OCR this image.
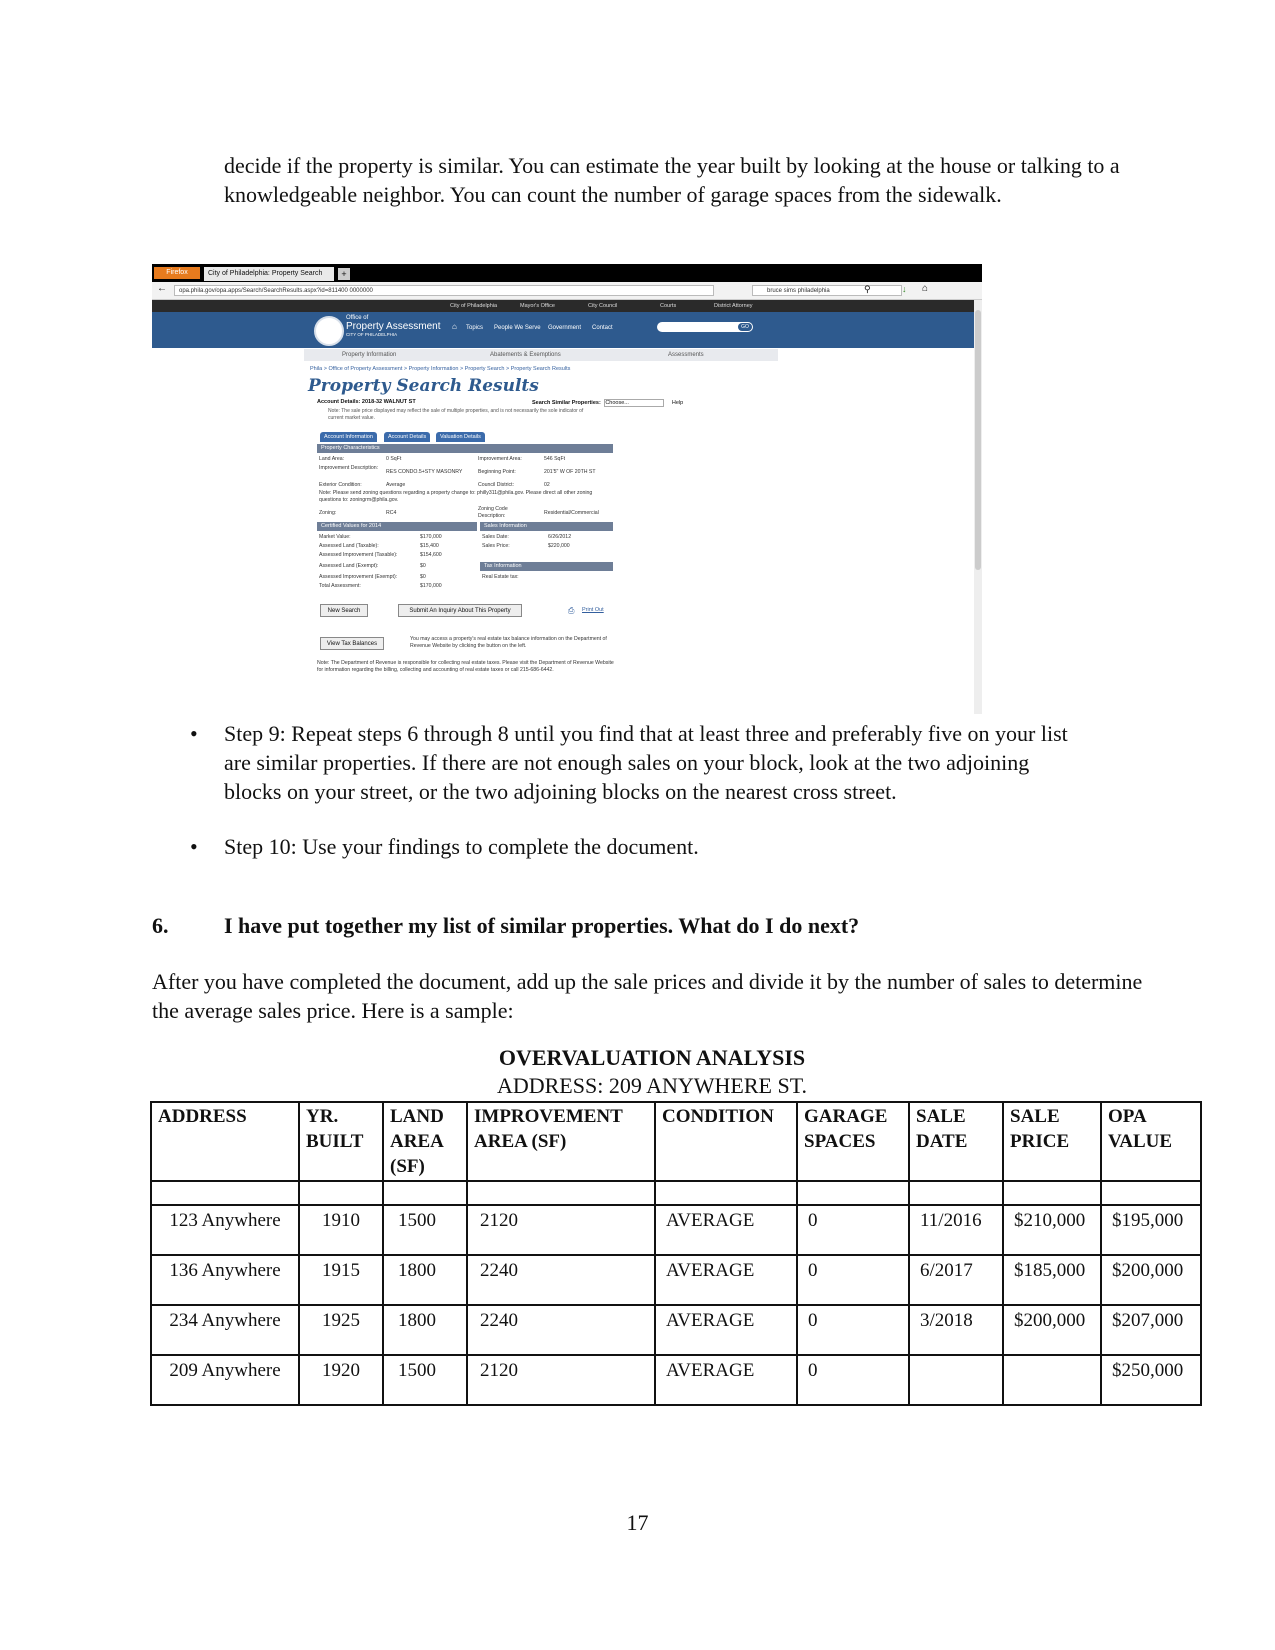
decide if the property is similar. You can estimate the year built by looking at the house or talking to a knowledgeable neighbor. You can count the number of garage spaces from the sidewalk.
Firefox	City of Philadelphia: Property Search	+
←	opa.phila.gov/opa.apps/Search/SearchResults.aspx?id=811400 0000000	bruce sims philadelphia	⚲	↓ ⌂
City of Philadelphia	Mayor's Office	City Council	Courts	District Attorney
Office of
Property Assessment
CITY OF PHILADELPHIA
⌂ Topics People We Serve Government Contact	GO
Property Information	Abatements & Exemptions	Assessments
Phila > Office of Property Assessment > Property Information > Property Search > Property Search Results
Property Search Results
Account Details: 2018-32 WALNUT ST	Search Similar Properties: Choose...	Help
Note: The sale price displayed may reflect the sale of multiple properties, and is not necessarily the sole indicator of current market value.
Account Information	Account Details	Valuation Details
Property Characteristics
Land Area:	0 SqFt	Improvement Area:	546 SqFt
Improvement Description:
RES CONDO.5+STY MASONRY	Beginning Point:	201'5" W OF 20TH ST
Exterior Condition:	Average	Council District:	02
Note: Please send zoning questions regarding a property change to: philly311@phila.gov. Please direct all other zoning questions to: zoningrm@phila.gov.
Zoning:	RC4
Zoning Code Description:	Residential/Commercial
Certified Values for 2014	Sales Information
Market Value:	$170,000	Sales Date:	6/26/2012
Assessed Land (Taxable):	$15,400	Sales Price:	$220,000
Assessed Improvement (Taxable):	$154,600
Assessed Land (Exempt):	$0	Tax Information
Assessed Improvement (Exempt):	$0	Real Estate tax:
Total Assessment:	$170,000
New Search	Submit An Inquiry About This Property	⎙ Print Out
View Tax Balances
You may access a property's real estate tax balance information on the Department of Revenue Website by clicking the button on the left.
Note: The Department of Revenue is responsible for collecting real estate taxes. Please visit the Department of Revenue Website for information regarding the billing, collecting and accounting of real estate taxes or call 215-686-6442.
• Step 9: Repeat steps 6 through 8 until you find that at least three and preferably five on your list are similar properties. If there are not enough sales on your block, look at the two adjoining blocks on your street, or the two adjoining blocks on the nearest cross street.
• Step 10: Use your findings to complete the document.
6.	I have put together my list of similar properties. What do I do next?
After you have completed the document, add up the sale prices and divide it by the number of sales to determine the average sales price. Here is a sample:
OVERVALUATION ANALYSIS
ADDRESS: 209 ANYWHERE ST.
ADDRESS	YR. BUILT	LAND AREA (SF)	IMPROVEMENT AREA (SF)	CONDITION	GARAGE SPACES	SALE DATE	SALE PRICE	OPA VALUE

123 Anywhere	1910	1500	2120	AVERAGE	0	11/2016	$210,000	$195,000
136 Anywhere	1915	1800	2240	AVERAGE	0	6/2017	$185,000	$200,000
234 Anywhere	1925	1800	2240	AVERAGE	0	3/2018	$200,000	$207,000
209 Anywhere	1920	1500	2120	AVERAGE	0			$250,000
17
